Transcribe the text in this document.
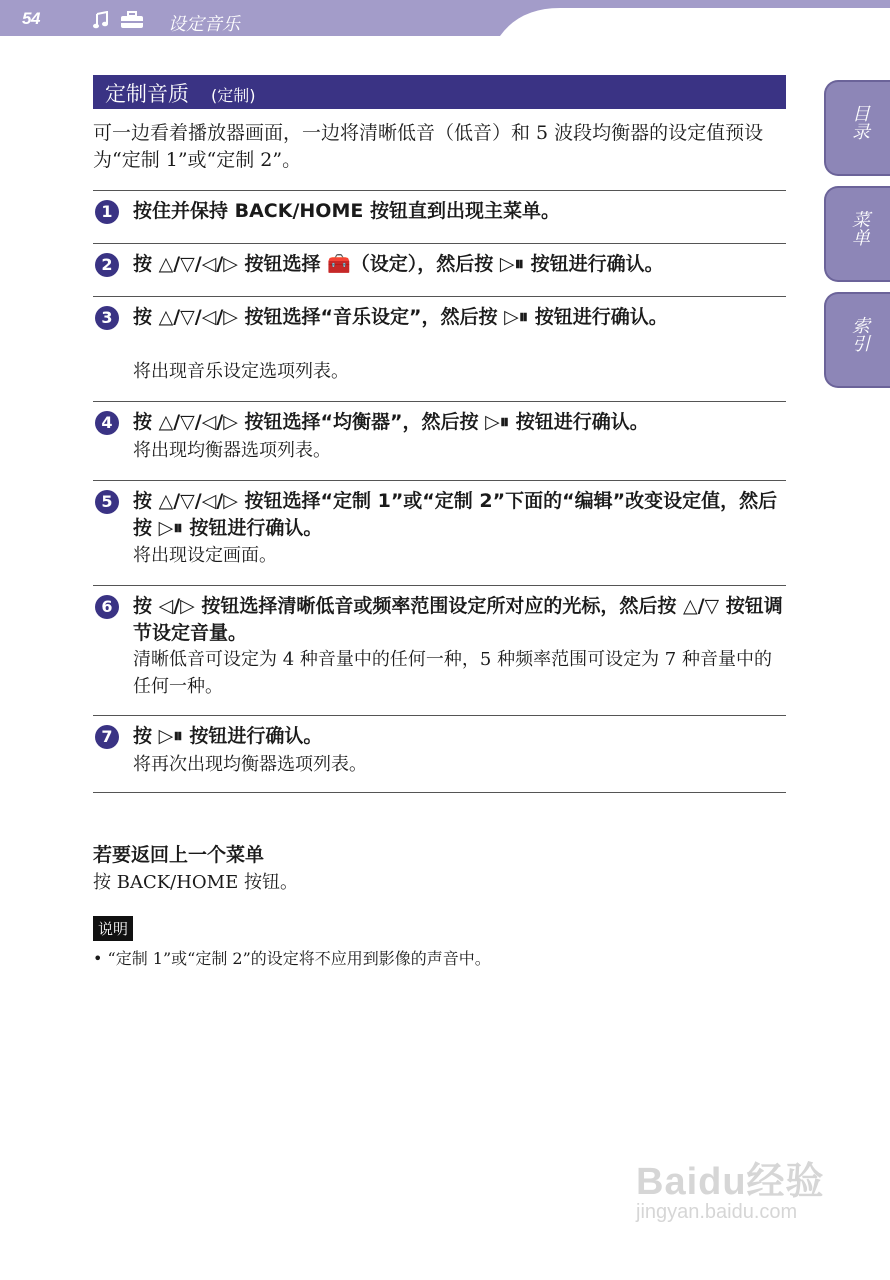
54	设定音乐
目录
菜单
索引
定制音质 (定制)
可一边看着播放器画面，一边将清晰低音（低音）和 5 波段均衡器的设定值预设为“定制 1”或“定制 2”。
1	按住并保持 BACK/HOME 按钮直到出现主菜单。
2	按 △/▽/◁/▷ 按钮选择 🧰（设定），然后按 ▷⏸ 按钮进行确认。
3	按 △/▽/◁/▷ 按钮选择“音乐设定”，然后按 ▷⏸ 按钮进行确认。
将出现音乐设定选项列表。
4	按 △/▽/◁/▷ 按钮选择“均衡器”，然后按 ▷⏸ 按钮进行确认。
将出现均衡器选项列表。
5	按 △/▽/◁/▷ 按钮选择“定制 1”或“定制 2”下面的“编辑”改变设定值，然后按 ▷⏸ 按钮进行确认。
将出现设定画面。
6	按 ◁/▷ 按钮选择清晰低音或频率范围设定所对应的光标，然后按 △/▽ 按钮调节设定音量。
清晰低音可设定为 4 种音量中的任何一种，5 种频率范围可设定为 7 种音量中的任何一种。
7	按 ▷⏸ 按钮进行确认。
将再次出现均衡器选项列表。
若要返回上一个菜单
按 BACK/HOME 按钮。
说明
• “定制 1”或“定制 2”的设定将不应用到影像的声音中。
Baidu经验
jingyan.baidu.com
